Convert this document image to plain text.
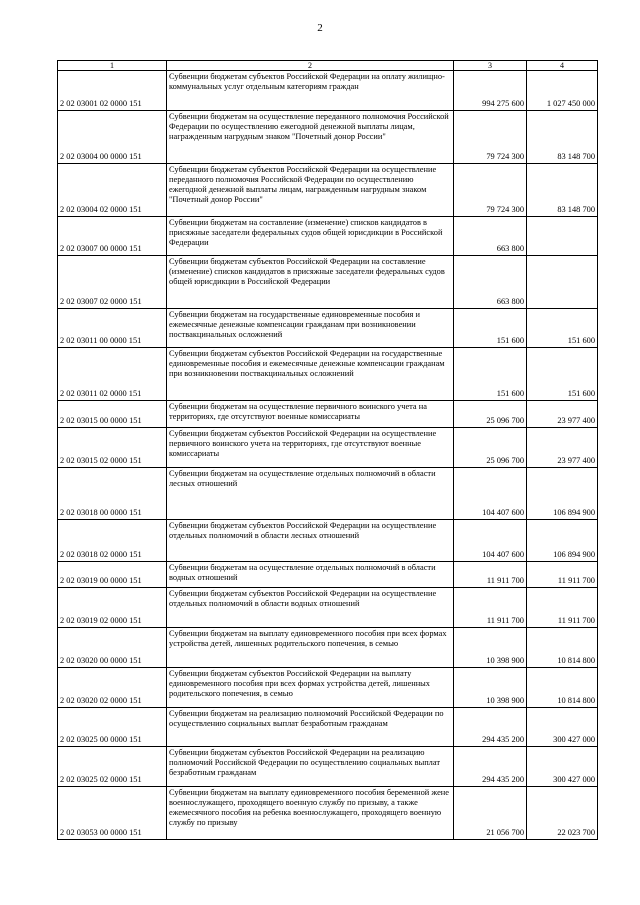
2
1	2	3	4
2 02 03001 02 0000 151	Субвенции бюджетам субъектов Российской Федерации на оплату жилищно-коммунальных услуг отдельным категориям граждан	994 275 600	1 027 450 000
2 02 03004 00 0000 151	Субвенции бюджетам на осуществление переданного полномочия Российской Федерации по осуществлению ежегодной денежной выплаты лицам, награжденным нагрудным знаком "Почетный донор России"	79 724 300	83 148 700
2 02 03004 02 0000 151	Субвенции бюджетам субъектов Российской Федерации на осуществление переданного полномочия Российской Федерации по осуществлению ежегодной денежной выплаты лицам, награжденным нагрудным знаком "Почетный донор России"	79 724 300	83 148 700
2 02 03007 00 0000 151	Субвенции бюджетам на составление (изменение) списков кандидатов в присяжные заседатели федеральных судов общей юрисдикции в Российской Федерации	663 800	
2 02 03007 02 0000 151	Субвенции бюджетам субъектов Российской Федерации на составление (изменение) списков кандидатов в присяжные заседатели федеральных судов общей юрисдикции в Российской Федерации	663 800	
2 02 03011 00 0000 151	Субвенции бюджетам на государственные единовременные пособия и ежемесячные денежные компенсации гражданам при возникновении поствакцинальных осложнений	151 600	151 600
2 02 03011 02 0000 151	Субвенции бюджетам субъектов Российской Федерации на государственные единовременные пособия и ежемесячные денежные компенсации гражданам при возникновении поствакцинальных осложнений	151 600	151 600
2 02 03015 00 0000 151	Субвенции бюджетам на осуществление первичного воинского учета на территориях, где отсутствуют военные комиссариаты	25 096 700	23 977 400
2 02 03015 02 0000 151	Субвенции бюджетам субъектов Российской Федерации на осуществление первичного воинского учета на территориях, где отсутствуют военные комиссариаты	25 096 700	23 977 400
2 02 03018 00 0000 151	Субвенции бюджетам на осуществление отдельных полномочий в области лесных отношений	104 407 600	106 894 900
2 02 03018 02 0000 151	Субвенции бюджетам субъектов Российской Федерации на осуществление отдельных полномочий в области лесных отношений	104 407 600	106 894 900
2 02 03019 00 0000 151	Субвенции бюджетам на осуществление отдельных полномочий в области водных отношений	11 911 700	11 911 700
2 02 03019 02 0000 151	Субвенции бюджетам субъектов Российской Федерации на осуществление отдельных полномочий в области водных отношений	11 911 700	11 911 700
2 02 03020 00 0000 151	Субвенции бюджетам на выплату единовременного пособия при всех формах устройства детей, лишенных родительского попечения, в семью	10 398 900	10 814 800
2 02 03020 02 0000 151	Субвенции бюджетам субъектов Российской Федерации на выплату единовременного пособия при всех формах устройства детей, лишенных родительского попечения, в семью	10 398 900	10 814 800
2 02 03025 00 0000 151	Субвенции бюджетам на реализацию полномочий Российской Федерации по осуществлению социальных выплат безработным гражданам	294 435 200	300 427 000
2 02 03025 02 0000 151	Субвенции бюджетам субъектов Российской Федерации на реализацию полномочий Российской Федерации по осуществлению социальных выплат безработным гражданам	294 435 200	300 427 000
2 02 03053 00 0000 151	Субвенции бюджетам на выплату единовременного пособия беременной жене военнослужащего, проходящего военную службу по призыву, а также ежемесячного пособия на ребенка военнослужащего, проходящего военную службу по призыву	21 056 700	22 023 700
